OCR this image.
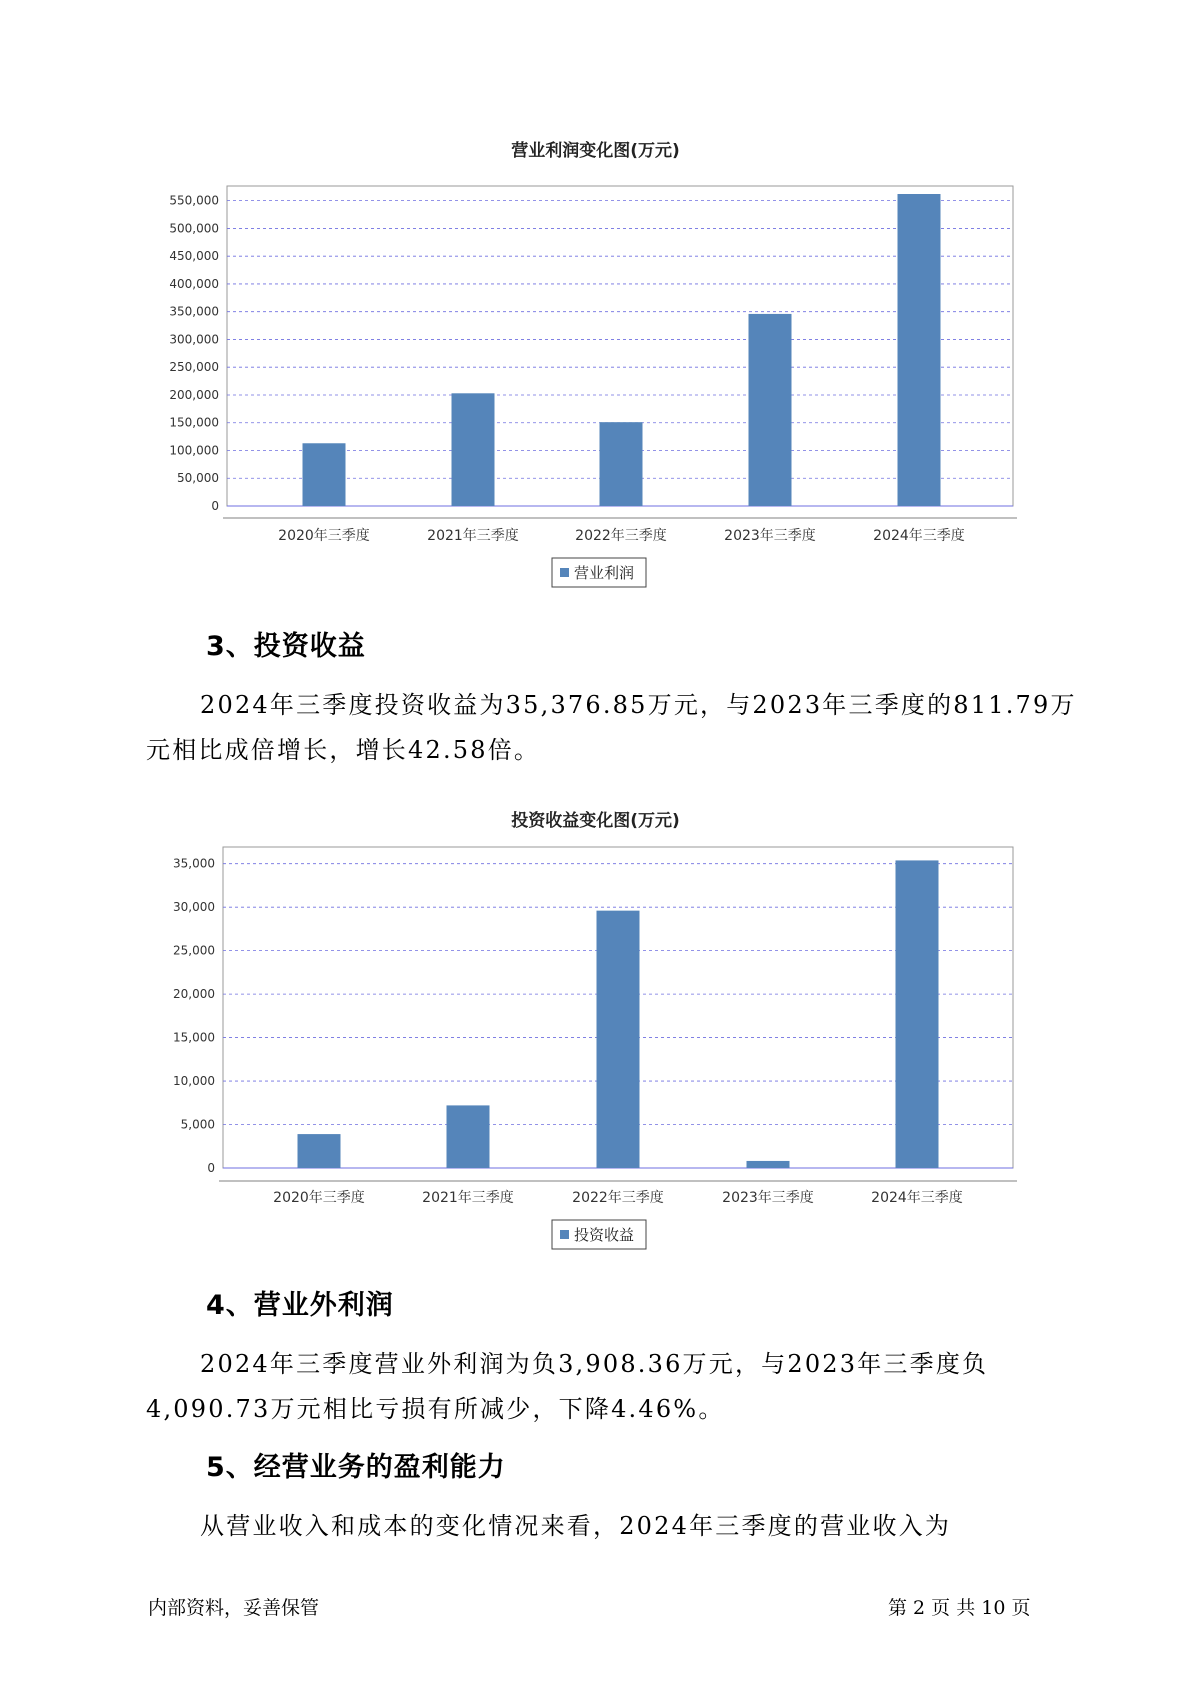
营业利润变化图(万元)
0
50,000
100,000
150,000
200,000
250,000
300,000
350,000
400,000
450,000
500,000
550,000
2020年三季度	2021年三季度	2022年三季度	2023年三季度	2024年三季度
营业利润
3、投资收益
2024年三季度投资收益为35,376.85万元，与2023年三季度的811.79万
元相比成倍增长，增长42.58倍。
投资收益变化图(万元)
0
5,000
10,000
15,000
20,000
25,000
30,000
35,000
2020年三季度	2021年三季度	2022年三季度	2023年三季度	2024年三季度
投资收益
4、营业外利润
2024年三季度营业外利润为负3,908.36万元，与2023年三季度负
4,090.73万元相比亏损有所减少，下降4.46%。
5、经营业务的盈利能力
从营业收入和成本的变化情况来看，2024年三季度的营业收入为
内部资料，妥善保管	第 2 页 共 10 页
